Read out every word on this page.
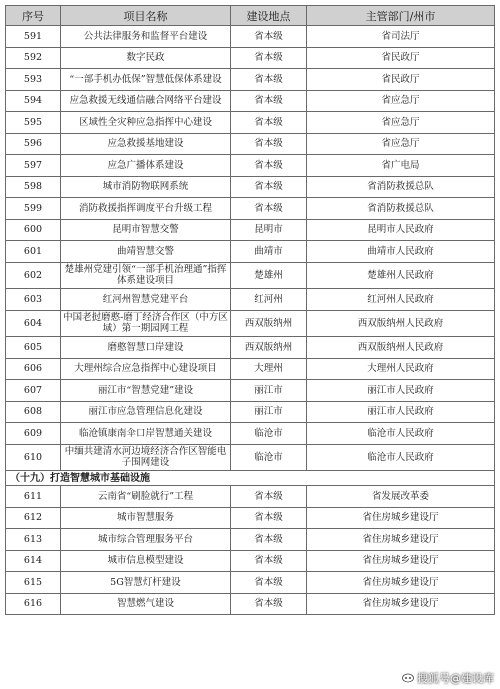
序号	项目名称	建设地点	主管部门/州市
591	公共法律服务和监督平台建设	省本级	省司法厅
592	数字民政	省本级	省民政厅
593	“一部手机办低保”智慧低保体系建设	省本级	省民政厅
594	应急救援无线通信融合网络平台建设	省本级	省应急厅
595	区域性全灾种应急指挥中心建设	省本级	省应急厅
596	应急救援基地建设	省本级	省应急厅
597	应急广播体系建设	省本级	省广电局
598	城市消防物联网系统	省本级	省消防救援总队
599	消防救援指挥调度平台升级工程	省本级	省消防救援总队
600	昆明市智慧交警	昆明市	昆明市人民政府
601	曲靖智慧交警	曲靖市	曲靖市人民政府
602	楚雄州党建引领“一部手机治理通”指挥体系建设项目	楚雄州	楚雄州人民政府
603	红河州智慧党建平台	红河州	红河州人民政府
604	中国老挝磨憨-磨丁经济合作区（中方区域）第一期园网工程	西双版纳州	西双版纳州人民政府
605	磨憨智慧口岸建设	西双版纳州	西双版纳州人民政府
606	大理州综合应急指挥中心建设项目	大理州	大理州人民政府
607	丽江市“智慧党建”建设	丽江市	丽江市人民政府
608	丽江市应急管理信息化建设	丽江市	丽江市人民政府
609	临沧镇康南伞口岸智慧通关建设	临沧市	临沧市人民政府
610	中缅共建清水河边境经济合作区智能电子围网建设	临沧市	临沧市人民政府
（十九）打造智慧城市基础设施			
611	云南省“刷脸就行”工程	省本级	省发展改革委
612	城市智慧服务	省本级	省住房城乡建设厅
613	城市综合管理服务平台	省本级	省住房城乡建设厅
614	城市信息模型建设	省本级	省住房城乡建设厅
615	5G智慧灯杆建设	省本级	省住房城乡建设厅
616	智慧燃气建设	省本级	省住房城乡建设厅
搜狐号@建设库
